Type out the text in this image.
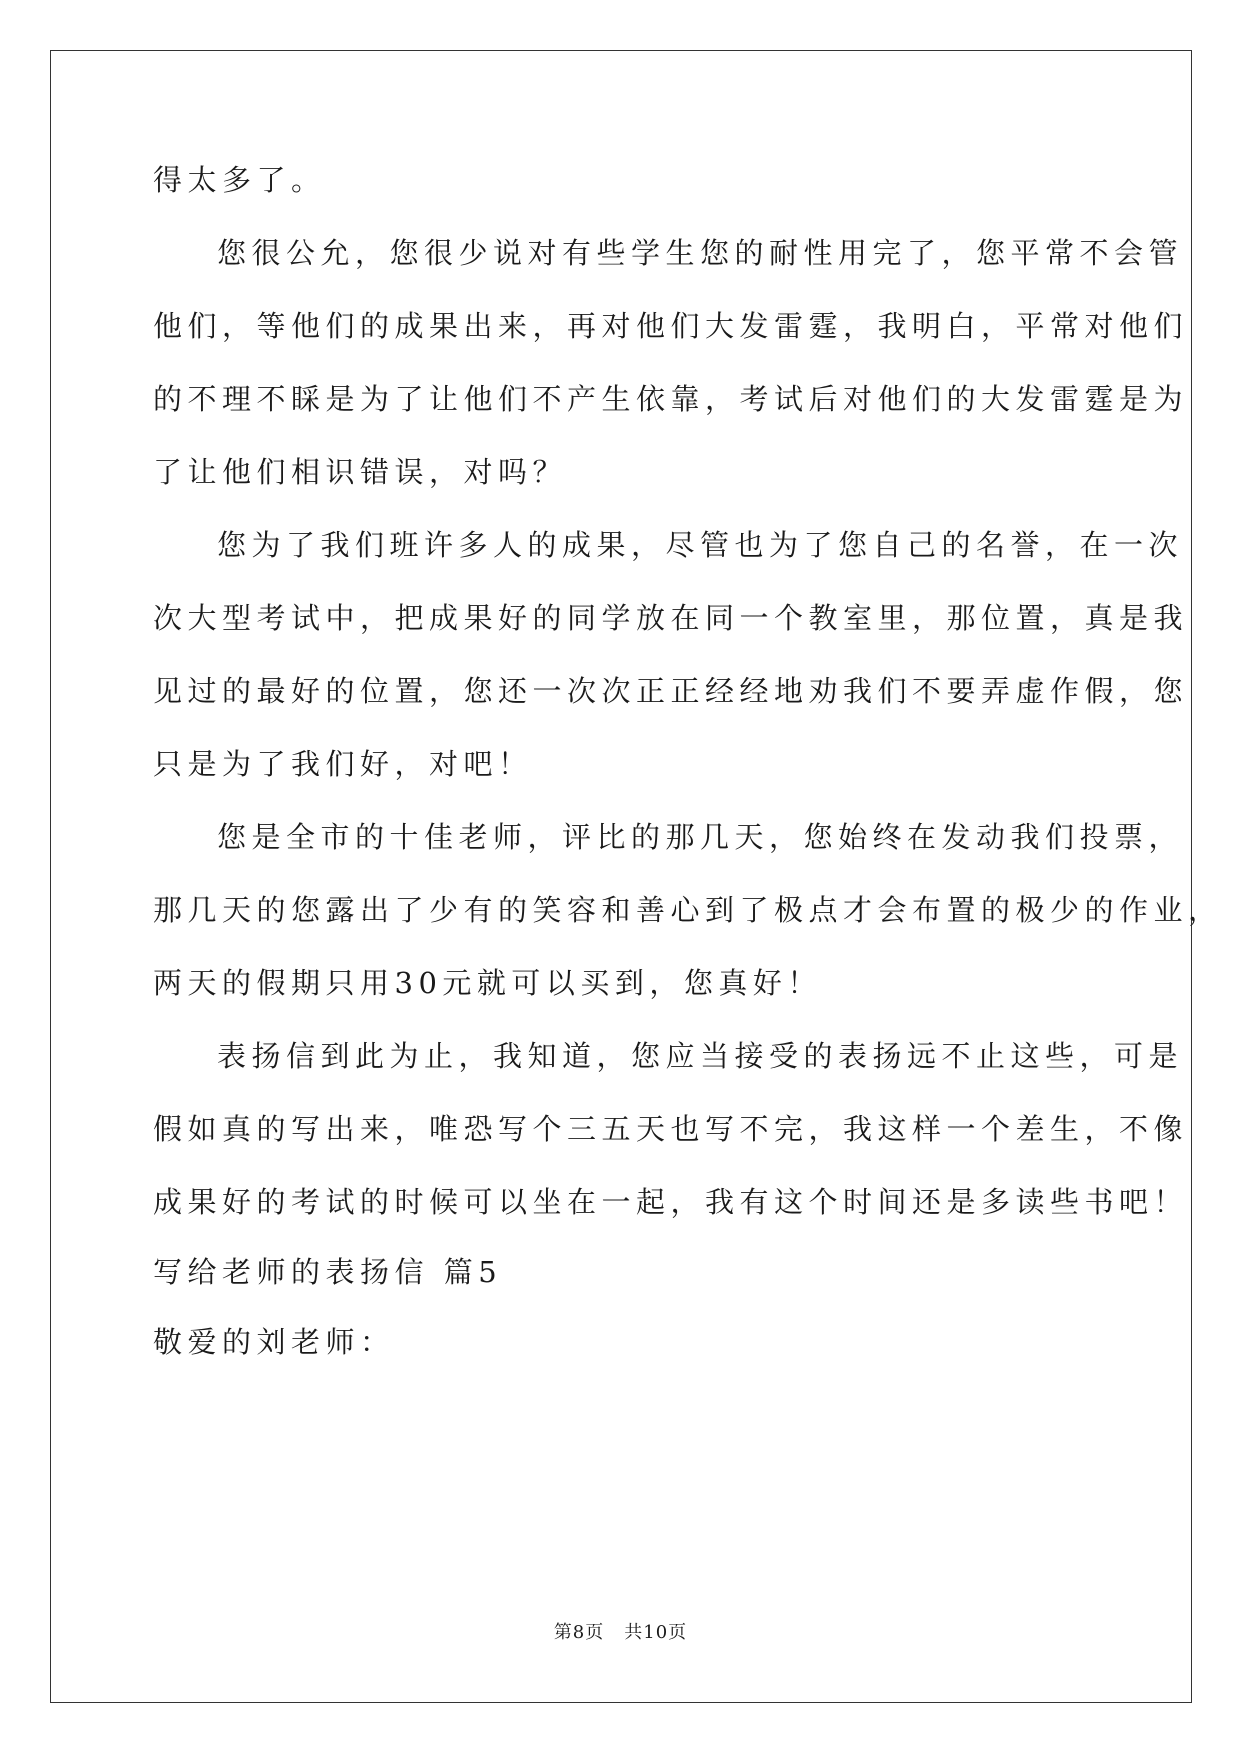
得太多了。
您很公允，您很少说对有些学生您的耐性用完了，您平常不会管
他们，等他们的成果出来，再对他们大发雷霆，我明白，平常对他们
的不理不睬是为了让他们不产生依靠，考试后对他们的大发雷霆是为
了让他们相识错误，对吗？
您为了我们班许多人的成果，尽管也为了您自己的名誉，在一次
次大型考试中，把成果好的同学放在同一个教室里，那位置，真是我
见过的最好的位置，您还一次次正正经经地劝我们不要弄虚作假，您
只是为了我们好，对吧！
您是全市的十佳老师，评比的那几天，您始终在发动我们投票，
那几天的您露出了少有的笑容和善心到了极点才会布置的极少的作业，
两天的假期只用30元就可以买到，您真好！
表扬信到此为止，我知道，您应当接受的表扬远不止这些，可是
假如真的写出来，唯恐写个三五天也写不完，我这样一个差生，不像
成果好的考试的时候可以坐在一起，我有这个时间还是多读些书吧！
写给老师的表扬信 篇5
敬爱的刘老师：
第8页 共10页
